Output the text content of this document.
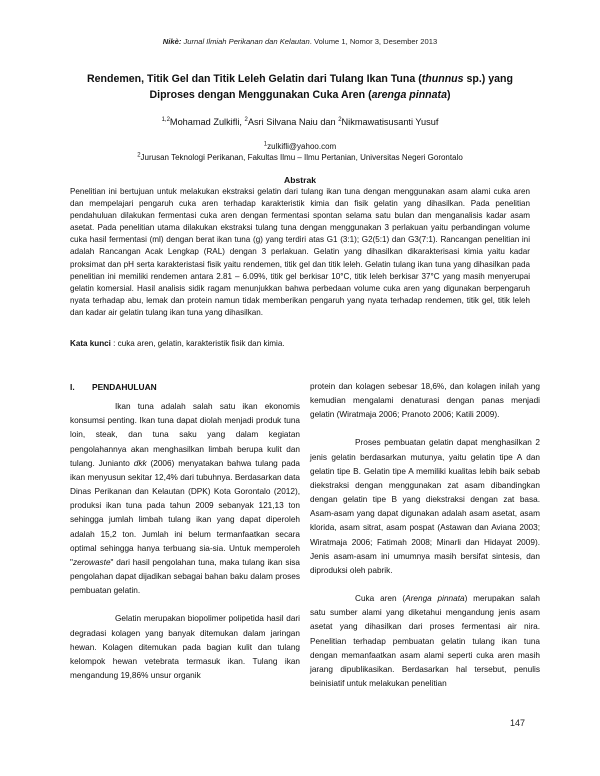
Nikè: Jurnal Ilmiah Perikanan dan Kelautan. Volume 1, Nomor 3, Desember 2013
Rendemen, Titik Gel dan Titik Leleh Gelatin dari Tulang Ikan Tuna (thunnus sp.) yang
Diproses dengan Menggunakan Cuka Aren (arenga pinnata)
$^{1,2}$Mohamad Zulkifli, $^2$Asri Silvana Naiu dan $^2$Nikmawatisusanti Yusuf
$^1$zulkifli@yahoo.com
$^2$Jurusan Teknologi Perikanan, Fakultas Ilmu – Ilmu Pertanian, Universitas Negeri Gorontalo
Abstrak
Penelitian ini bertujuan untuk melakukan ekstraksi gelatin dari tulang ikan tuna dengan menggunakan asam alami cuka aren dan mempelajari pengaruh cuka aren terhadap karakteristik kimia dan fisik gelatin yang dihasilkan. Pada penelitian pendahuluan dilakukan fermentasi cuka aren dengan fermentasi spontan selama satu bulan dan menganalisis kadar asam asetat. Pada penelitian utama dilakukan ekstraksi tulang tuna dengan menggunakan 3 perlakuan yaitu perbandingan volume cuka hasil fermentasi (ml) dengan berat ikan tuna (g) yang terdiri atas G1 (3:1); G2(5:1) dan G3(7:1). Rancangan penelitian ini adalah Rancangan Acak Lengkap (RAL) dengan 3 perlakuan. Gelatin yang dihasilkan dikarakterisasi kimia yaitu kadar proksimat dan pH serta karakteristasi fisik yaitu rendemen, titik gel dan titik leleh. Gelatin tulang ikan tuna yang dihasilkan pada penelitian ini memiliki rendemen antara 2.81 – 6.09%, titik gel berkisar 10°C, titik leleh berkisar 37°C yang masih menyerupai gelatin komersial. Hasil analisis sidik ragam menunjukkan bahwa perbedaan volume cuka aren yang digunakan berpengaruh nyata terhadap abu, lemak dan protein namun tidak memberikan pengaruh yang nyata terhadap rendemen, titik gel, titik leleh dan kadar air gelatin tulang ikan tuna yang dihasilkan.
Kata kunci : cuka aren, gelatin, karakteristik fisik dan kimia.
I. PENDAHULUAN

Ikan tuna adalah salah satu ikan ekonomis konsumsi penting. Ikan tuna dapat diolah menjadi produk tuna loin, steak, dan tuna saku yang dalam kegiatan pengolahannya akan menghasilkan limbah berupa kulit dan tulang. Junianto dkk (2006) menyatakan bahwa tulang pada ikan menyusun sekitar 12,4% dari tubuhnya. Berdasarkan data Dinas Perikanan dan Kelautan (DPK) Kota Gorontalo (2012), produksi ikan tuna pada tahun 2009 sebanyak 121,13 ton sehingga jumlah limbah tulang ikan yang dapat diperoleh adalah 15,2 ton. Jumlah ini belum termanfaatkan secara optimal sehingga hanya terbuang sia-sia. Untuk memperoleh "zerowaste" dari hasil pengolahan tuna, maka tulang ikan sisa pengolahan dapat dijadikan sebagai bahan baku dalam proses pembuatan gelatin.

Gelatin merupakan biopolimer polipetida hasil dari degradasi kolagen yang banyak ditemukan dalam jaringan hewan. Kolagen ditemukan pada bagian kulit dan tulang kelompok hewan vetebrata termasuk ikan. Tulang ikan mengandung 19,86% unsur organik

protein dan kolagen sebesar 18,6%, dan kolagen inilah yang kemudian mengalami denaturasi dengan panas menjadi gelatin (Wiratmaja 2006; Pranoto 2006; Katili 2009).

Proses pembuatan gelatin dapat menghasilkan 2 jenis gelatin berdasarkan mutunya, yaitu gelatin tipe A dan gelatin tipe B. Gelatin tipe A memiliki kualitas lebih baik sebab diekstraksi dengan menggunakan zat asam dibandingkan dengan gelatin tipe B yang diekstraksi dengan zat basa. Asam-asam yang dapat digunakan adalah asam asetat, asam klorida, asam sitrat, asam pospat (Astawan dan Aviana 2003; Wiratmaja 2006; Fatimah 2008; Minarli dan Hidayat 2009). Jenis asam-asam ini umumnya masih bersifat sintesis, dan diproduksi oleh pabrik.

Cuka aren (Arenga pinnata) merupakan salah satu sumber alami yang diketahui mengandung jenis asam asetat yang dihasilkan dari proses fermentasi air nira. Penelitian terhadap pembuatan gelatin tulang ikan tuna dengan memanfaatkan asam alami seperti cuka aren masih jarang dipublikasikan. Berdasarkan hal tersebut, penulis beinisiatif untuk melakukan penelitian

147
